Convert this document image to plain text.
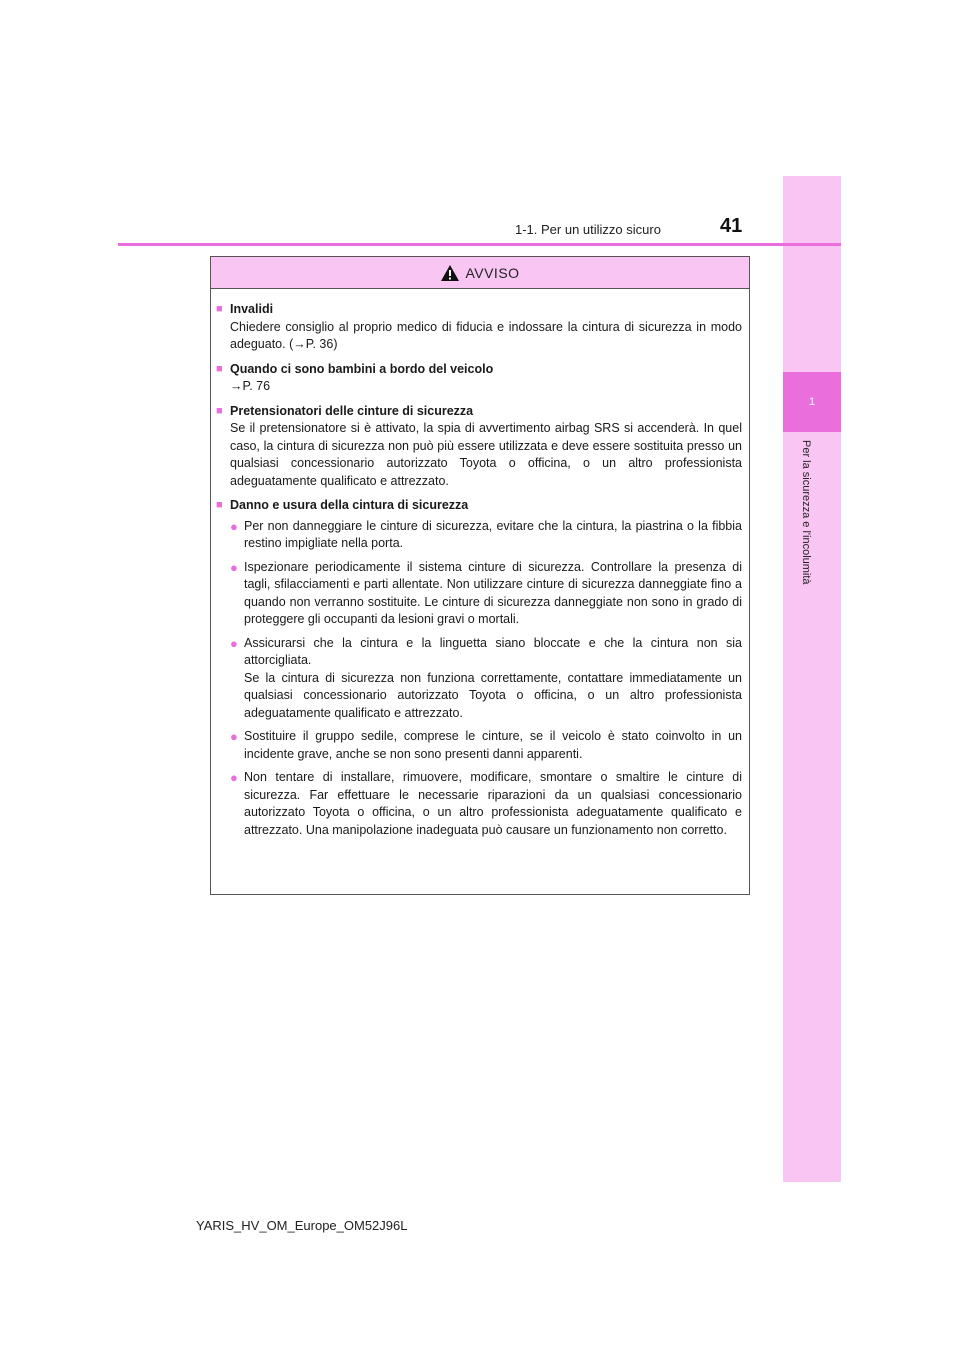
1
Per la sicurezza e l'incolumità
41
1-1. Per un utilizzo sicuro
AVVISO
■ Invalidi
Chiedere consiglio al proprio medico di fiducia e indossare la cintura di sicurezza in modo adeguato. (→P. 36)
■ Quando ci sono bambini a bordo del veicolo
→P. 76
■ Pretensionatori delle cinture di sicurezza
Se il pretensionatore si è attivato, la spia di avvertimento airbag SRS si accenderà. In quel caso, la cintura di sicurezza non può più essere utilizzata e deve essere sostituita presso un qualsiasi concessionario autorizzato Toyota o officina, o un altro professionista adeguatamente qualificato e attrezzato.
■ Danno e usura della cintura di sicurezza
● Per non danneggiare le cinture di sicurezza, evitare che la cintura, la piastrina o la fibbia restino impigliate nella porta.

● Ispezionare periodicamente il sistema cinture di sicurezza. Controllare la presenza di tagli, sfilacciamenti e parti allentate. Non utilizzare cinture di sicurezza danneggiate fino a quando non verranno sostituite. Le cinture di sicurezza danneggiate non sono in grado di proteggere gli occupanti da lesioni gravi o mortali.

● Assicurarsi che la cintura e la linguetta siano bloccate e che la cintura non sia attorcigliata.

Se la cintura di sicurezza non funziona correttamente, contattare immediatamente un qualsiasi concessionario autorizzato Toyota o officina, o un altro professionista adeguatamente qualificato e attrezzato.

● Sostituire il gruppo sedile, comprese le cinture, se il veicolo è stato coinvolto in un incidente grave, anche se non sono presenti danni apparenti.

● Non tentare di installare, rimuovere, modificare, smontare o smaltire le cinture di sicurezza. Far effettuare le necessarie riparazioni da un qualsiasi concessionario autorizzato Toyota o officina, o un altro professionista adeguatamente qualificato e attrezzato. Una manipolazione inadeguata può causare un funzionamento non corretto.

YARIS_HV_OM_Europe_OM52J96L
